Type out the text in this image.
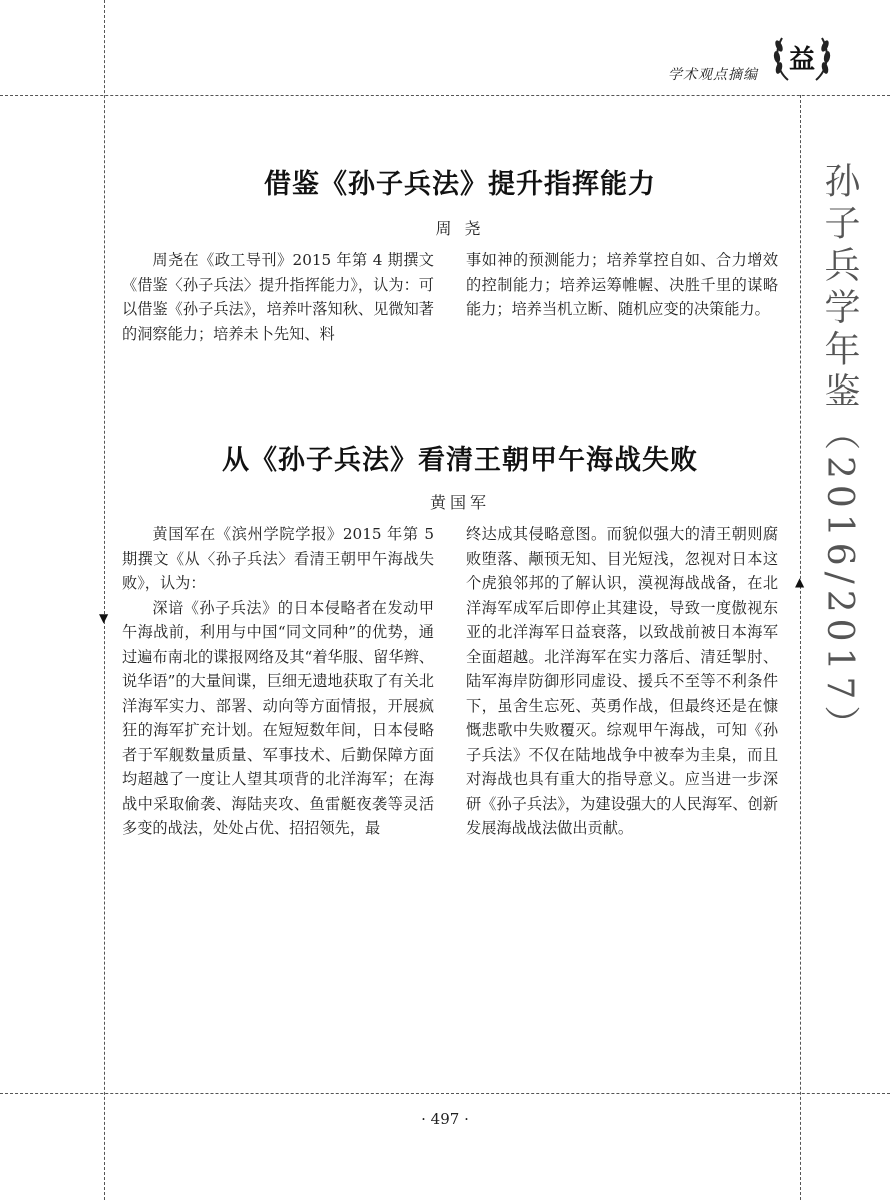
学术观点摘编 益
孙子兵学年鉴（2016/2017）
借鉴《孙子兵法》提升指挥能力
周 尧

周尧在《政工导刊》2015 年第 4 期撰文《借鉴〈孙子兵法〉提升指挥能力》，认为：可以借鉴《孙子兵法》，培养叶落知秋、见微知著的洞察能力；培养未卜先知、料

事如神的预测能力；培养掌控自如、合力增效的控制能力；培养运筹帷幄、决胜千里的谋略能力；培养当机立断、随机应变的决策能力。

从《孙子兵法》看清王朝甲午海战失败
黄国军

黄国军在《滨州学院学报》2015 年第 5 期撰文《从〈孙子兵法〉看清王朝甲午海战失败》，认为：

深谙《孙子兵法》的日本侵略者在发动甲午海战前，利用与中国“同文同种”的优势，通过遍布南北的谍报网络及其“着华服、留华辫、说华语”的大量间谍，巨细无遗地获取了有关北洋海军实力、部署、动向等方面情报，开展疯狂的海军扩充计划。在短短数年间，日本侵略者于军舰数量质量、军事技术、后勤保障方面均超越了一度让人望其项背的北洋海军；在海战中采取偷袭、海陆夹攻、鱼雷艇夜袭等灵活多变的战法，处处占优、招招领先，最

终达成其侵略意图。而貌似强大的清王朝则腐败堕落、颟顸无知、目光短浅，忽视对日本这个虎狼邻邦的了解认识，漠视海战战备，在北洋海军成军后即停止其建设，导致一度傲视东亚的北洋海军日益衰落，以致战前被日本海军全面超越。北洋海军在实力落后、清廷掣肘、陆军海岸防御形同虚设、援兵不至等不利条件下，虽舍生忘死、英勇作战，但最终还是在慷慨悲歌中失败覆灭。综观甲午海战，可知《孙子兵法》不仅在陆地战争中被奉为圭臬，而且对海战也具有重大的指导意义。应当进一步深研《孙子兵法》，为建设强大的人民海军、创新发展海战战法做出贡献。

▼
▲
· 497 ·
